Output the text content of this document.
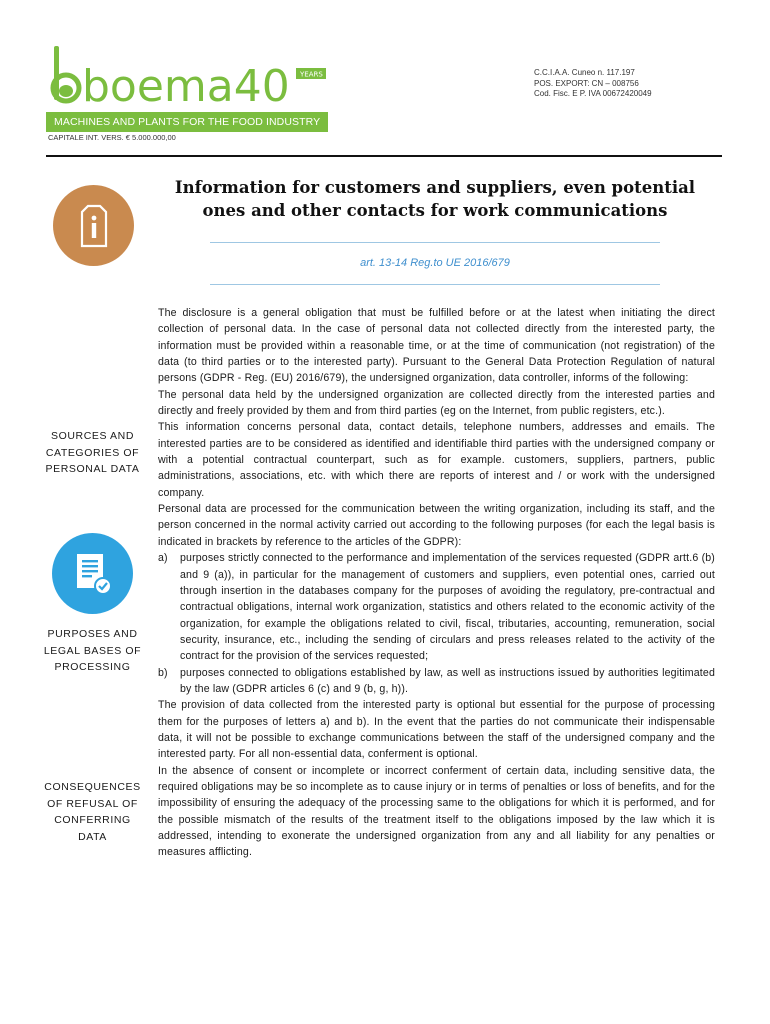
boema40 YEARS
MACHINES AND PLANTS FOR THE FOOD INDUSTRY
CAPITALE INT. VERS. € 5.000.000,00
C.C.I.A.A. Cuneo n. 117.197
POS. EXPORT: CN – 008756
Cod. Fisc. E P. IVA 00672420049
Information for customers and suppliers, even potential
ones and other contacts for work communications
art. 13-14 Reg.to UE 2016/679
SOURCES AND
CATEGORIES OF
PERSONAL DATA
PURPOSES AND
LEGAL BASES OF
PROCESSING
CONSEQUENCES
OF REFUSAL OF
CONFERRING
DATA

The disclosure is a general obligation that must be fulfilled before or at the latest when initiating the direct collection of personal data. In the case of personal data not collected directly from the interested party, the information must be provided within a reasonable time, or at the time of communication (not registration) of the data (to third parties or to the interested party). Pursuant to the General Data Protection Regulation of natural persons (GDPR - Reg. (EU) 2016/679), the undersigned organization, data controller, informs of the following:

The personal data held by the undersigned organization are collected directly from the interested parties and directly and freely provided by them and from third parties (eg on the Internet, from public registers, etc.).

This information concerns personal data, contact details, telephone numbers, addresses and emails. The interested parties are to be considered as identified and identifiable third parties with the undersigned company or with a potential contractual counterpart, such as for example. customers, suppliers, partners, public administrations, associations, etc. with which there are reports of interest and / or work with the undersigned company.

Personal data are processed for the communication between the writing organization, including its staff, and the person concerned in the normal activity carried out according to the following purposes (for each the legal basis is indicated in brackets by reference to the articles of the GDPR):

a) purposes strictly connected to the performance and implementation of the services requested (GDPR artt.6 (b) and 9 (a)), in particular for the management of customers and suppliers, even potential ones, carried out through insertion in the databases company for the purposes of avoiding the regulatory, pre-contractual and contractual obligations, internal work organization, statistics and others related to the economic activity of the organization, for example the obligations related to civil, fiscal, tributaries, accounting, remuneration, social security, insurance, etc., including the sending of circulars and press releases related to the activity of the contract for the provision of the services requested;
b) purposes connected to obligations established by law, as well as instructions issued by authorities legitimated by the law (GDPR articles 6 (c) and 9 (b, g, h)).

The provision of data collected from the interested party is optional but essential for the purpose of processing them for the purposes of letters a) and b). In the event that the parties do not communicate their indispensable data, it will not be possible to exchange communications between the staff of the undersigned company and the interested party. For all non-essential data, conferment is optional.

In the absence of consent or incomplete or incorrect conferment of certain data, including sensitive data, the required obligations may be so incomplete as to cause injury or in terms of penalties or loss of benefits, and for the impossibility of ensuring the adequacy of the processing same to the obligations for which it is performed, and for the possible mismatch of the results of the treatment itself to the obligations imposed by the law which it is addressed, intending to exonerate the undersigned organization from any and all liability for any penalties or measures afflicting.
